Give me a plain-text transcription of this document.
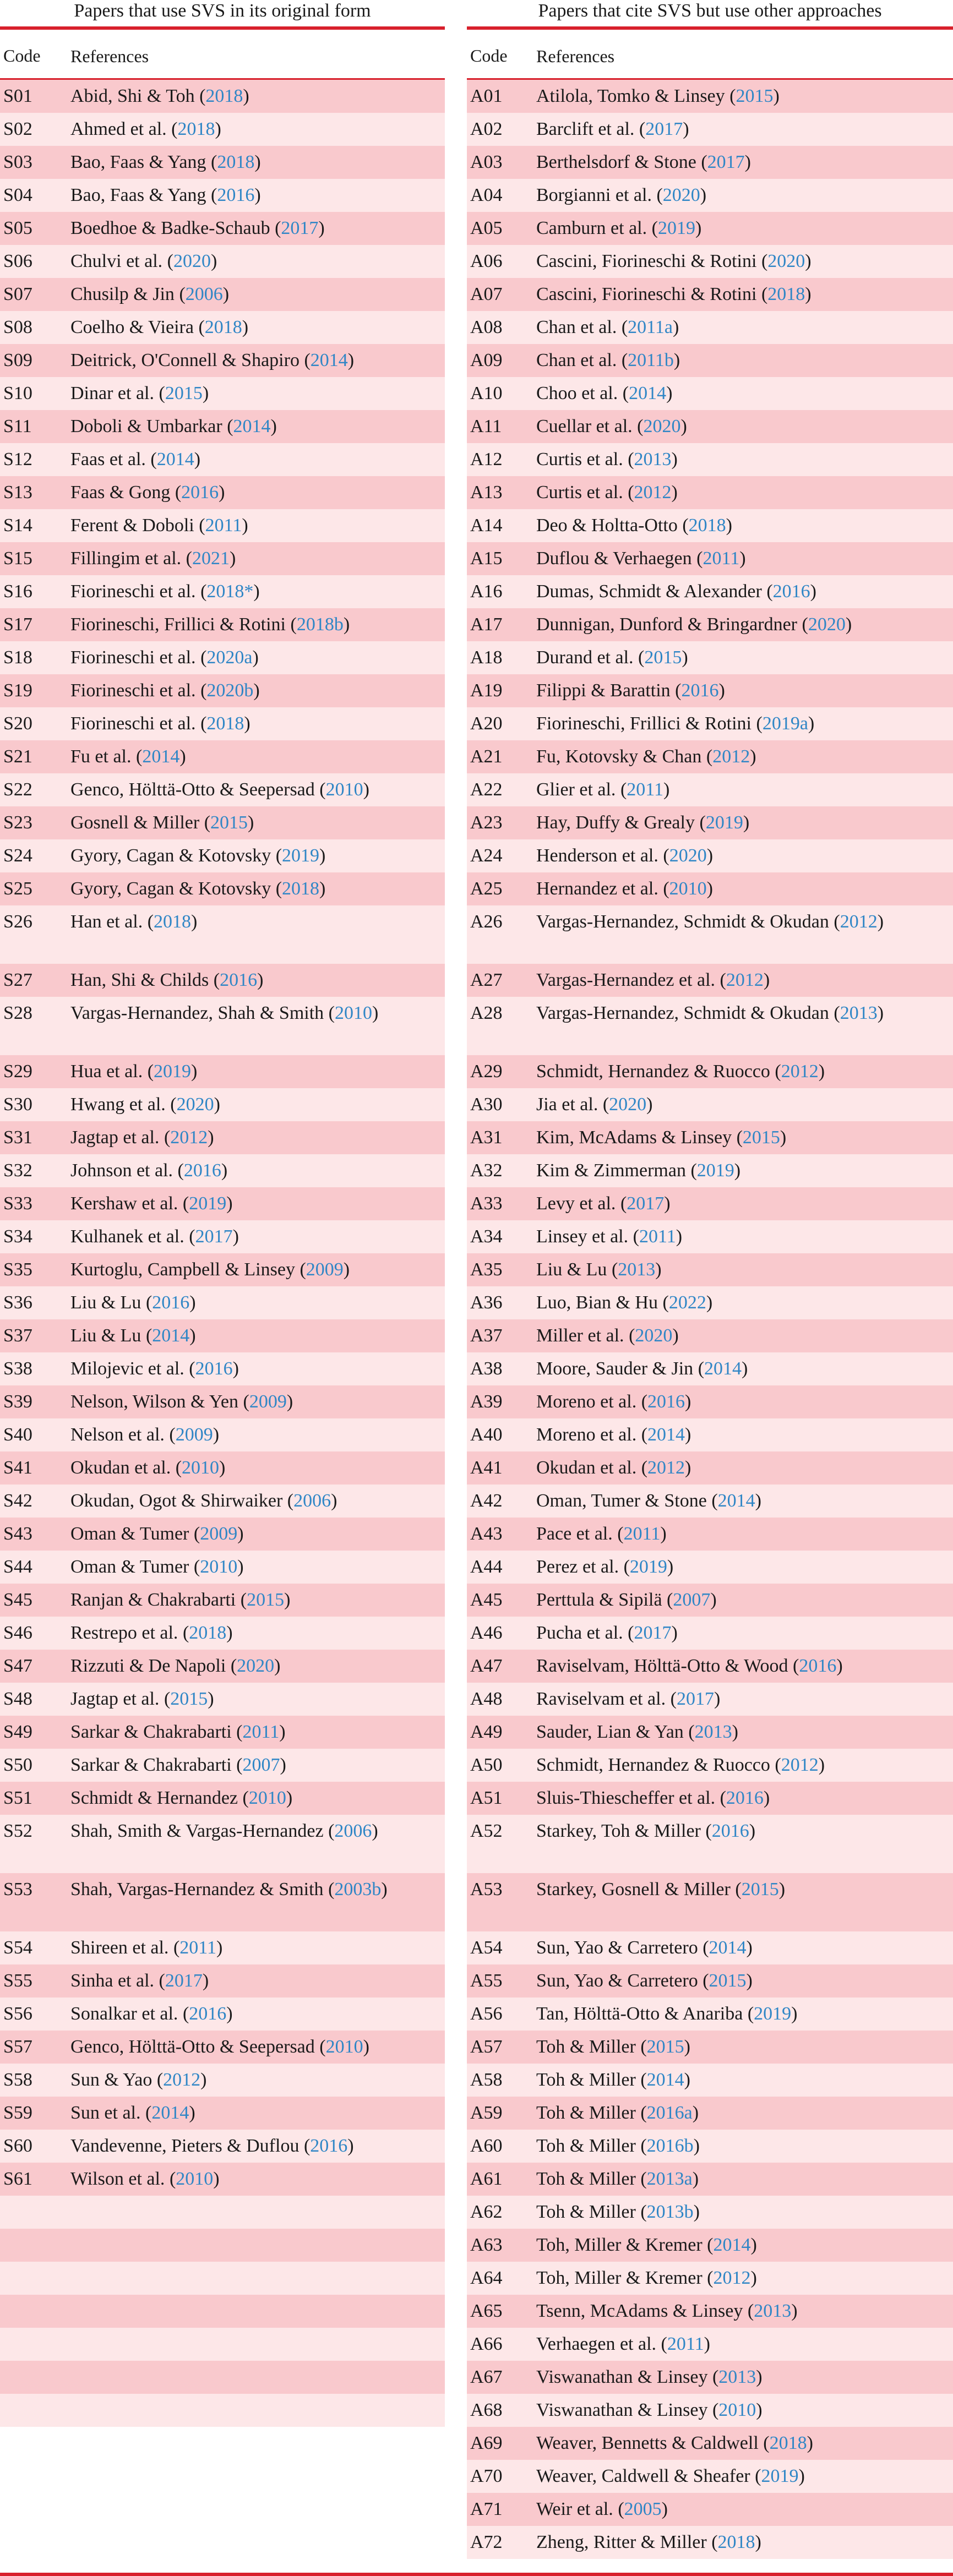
Papers that use SVS in its original form
Code	References
S01	Abid, Shi & Toh (2018)
S02	Ahmed et al. (2018)
S03	Bao, Faas & Yang (2018)
S04	Bao, Faas & Yang (2016)
S05	Boedhoe & Badke-Schaub (2017)
S06	Chulvi et al. (2020)
S07	Chusilp & Jin (2006)
S08	Coelho & Vieira (2018)
S09	Deitrick, O'Connell & Shapiro (2014)
S10	Dinar et al. (2015)
S11	Doboli & Umbarkar (2014)
S12	Faas et al. (2014)
S13	Faas & Gong (2016)
S14	Ferent & Doboli (2011)
S15	Fillingim et al. (2021)
S16	Fiorineschi et al. (2018*)
S17	Fiorineschi, Frillici & Rotini (2018b)
S18	Fiorineschi et al. (2020a)
S19	Fiorineschi et al. (2020b)
S20	Fiorineschi et al. (2018)
S21	Fu et al. (2014)
S22	Genco, Hölttä-Otto & Seepersad (2010)
S23	Gosnell & Miller (2015)
S24	Gyory, Cagan & Kotovsky (2019)
S25	Gyory, Cagan & Kotovsky (2018)
S26	Han et al. (2018)
S27	Han, Shi & Childs (2016)
S28	Vargas-Hernandez, Shah & Smith (2010)
S29	Hua et al. (2019)
S30	Hwang et al. (2020)
S31	Jagtap et al. (2012)
S32	Johnson et al. (2016)
S33	Kershaw et al. (2019)
S34	Kulhanek et al. (2017)
S35	Kurtoglu, Campbell & Linsey (2009)
S36	Liu & Lu (2016)
S37	Liu & Lu (2014)
S38	Milojevic et al. (2016)
S39	Nelson, Wilson & Yen (2009)
S40	Nelson et al. (2009)
S41	Okudan et al. (2010)
S42	Okudan, Ogot & Shirwaiker (2006)
S43	Oman & Tumer (2009)
S44	Oman & Tumer (2010)
S45	Ranjan & Chakrabarti (2015)
S46	Restrepo et al. (2018)
S47	Rizzuti & De Napoli (2020)
S48	Jagtap et al. (2015)
S49	Sarkar & Chakrabarti (2011)
S50	Sarkar & Chakrabarti (2007)
S51	Schmidt & Hernandez (2010)
S52	Shah, Smith & Vargas-Hernandez (2006)
S53	Shah, Vargas-Hernandez & Smith (2003b)
S54	Shireen et al. (2011)
S55	Sinha et al. (2017)
S56	Sonalkar et al. (2016)
S57	Genco, Hölttä-Otto & Seepersad (2010)
S58	Sun & Yao (2012)
S59	Sun et al. (2014)
S60	Vandevenne, Pieters & Duflou (2016)
S61	Wilson et al. (2010)
Papers that cite SVS but use other approaches
Code	References
A01	Atilola, Tomko & Linsey (2015)
A02	Barclift et al. (2017)
A03	Berthelsdorf & Stone (2017)
A04	Borgianni et al. (2020)
A05	Camburn et al. (2019)
A06	Cascini, Fiorineschi & Rotini (2020)
A07	Cascini, Fiorineschi & Rotini (2018)
A08	Chan et al. (2011a)
A09	Chan et al. (2011b)
A10	Choo et al. (2014)
A11	Cuellar et al. (2020)
A12	Curtis et al. (2013)
A13	Curtis et al. (2012)
A14	Deo & Holtta-Otto (2018)
A15	Duflou & Verhaegen (2011)
A16	Dumas, Schmidt & Alexander (2016)
A17	Dunnigan, Dunford & Bringardner (2020)
A18	Durand et al. (2015)
A19	Filippi & Barattin (2016)
A20	Fiorineschi, Frillici & Rotini (2019a)
A21	Fu, Kotovsky & Chan (2012)
A22	Glier et al. (2011)
A23	Hay, Duffy & Grealy (2019)
A24	Henderson et al. (2020)
A25	Hernandez et al. (2010)
A26	Vargas-Hernandez, Schmidt & Okudan (2012)
A27	Vargas-Hernandez et al. (2012)
A28	Vargas-Hernandez, Schmidt & Okudan (2013)
A29	Schmidt, Hernandez & Ruocco (2012)
A30	Jia et al. (2020)
A31	Kim, McAdams & Linsey (2015)
A32	Kim & Zimmerman (2019)
A33	Levy et al. (2017)
A34	Linsey et al. (2011)
A35	Liu & Lu (2013)
A36	Luo, Bian & Hu (2022)
A37	Miller et al. (2020)
A38	Moore, Sauder & Jin (2014)
A39	Moreno et al. (2016)
A40	Moreno et al. (2014)
A41	Okudan et al. (2012)
A42	Oman, Tumer & Stone (2014)
A43	Pace et al. (2011)
A44	Perez et al. (2019)
A45	Perttula & Sipilä (2007)
A46	Pucha et al. (2017)
A47	Raviselvam, Hölttä-Otto & Wood (2016)
A48	Raviselvam et al. (2017)
A49	Sauder, Lian & Yan (2013)
A50	Schmidt, Hernandez & Ruocco (2012)
A51	Sluis-Thiescheffer et al. (2016)
A52	Starkey, Toh & Miller (2016)
A53	Starkey, Gosnell & Miller (2015)
A54	Sun, Yao & Carretero (2014)
A55	Sun, Yao & Carretero (2015)
A56	Tan, Hölttä-Otto & Anariba (2019)
A57	Toh & Miller (2015)
A58	Toh & Miller (2014)
A59	Toh & Miller (2016a)
A60	Toh & Miller (2016b)
A61	Toh & Miller (2013a)
A62	Toh & Miller (2013b)
A63	Toh, Miller & Kremer (2014)
A64	Toh, Miller & Kremer (2012)
A65	Tsenn, McAdams & Linsey (2013)
A66	Verhaegen et al. (2011)
A67	Viswanathan & Linsey (2013)
A68	Viswanathan & Linsey (2010)
A69	Weaver, Bennetts & Caldwell (2018)
A70	Weaver, Caldwell & Sheafer (2019)
A71	Weir et al. (2005)
A72	Zheng, Ritter & Miller (2018)
